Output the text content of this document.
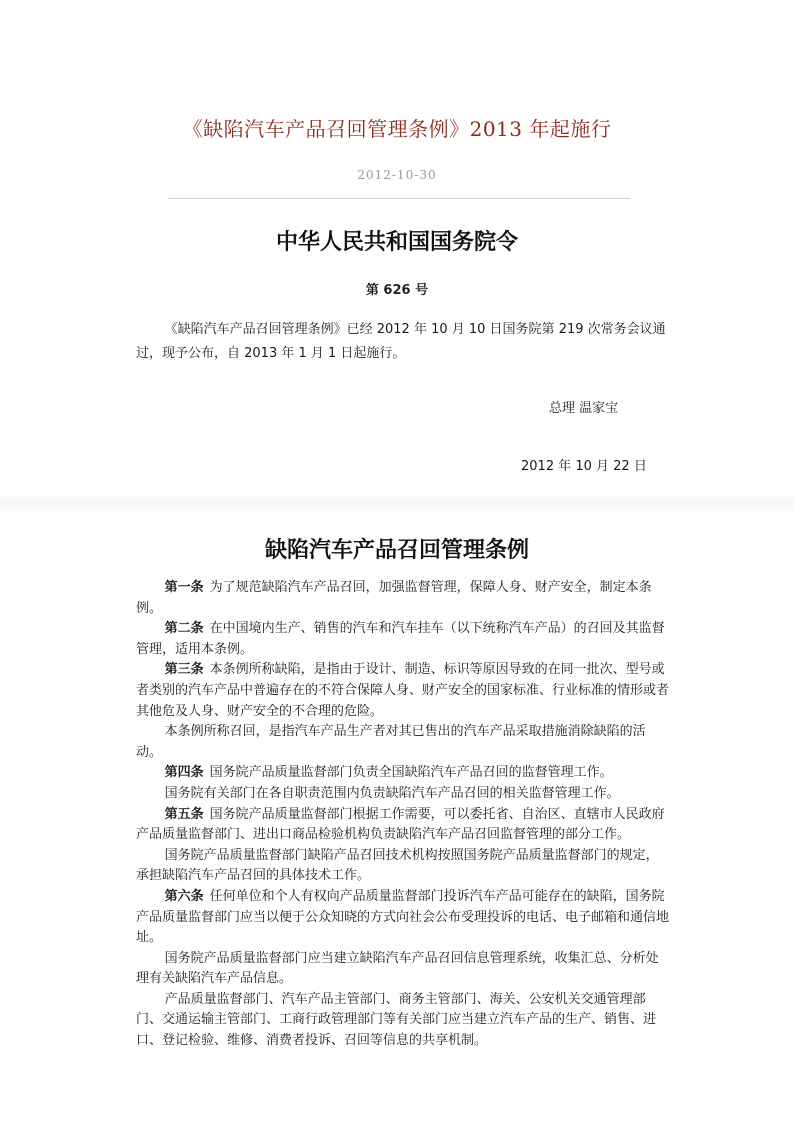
《缺陷汽车产品召回管理条例》2013 年起施行
2012-10-30
中华人民共和国国务院令
第 626 号
《缺陷汽车产品召回管理条例》已经 2012 年 10 月 10 日国务院第 219 次常务会议通过，现予公布，自 2013 年 1 月 1 日起施行。
总理 温家宝
2012 年 10 月 22 日
缺陷汽车产品召回管理条例

第一条 为了规范缺陷汽车产品召回，加强监督管理，保障人身、财产安全，制定本条例。

第二条 在中国境内生产、销售的汽车和汽车挂车（以下统称汽车产品）的召回及其监督管理，适用本条例。

第三条 本条例所称缺陷，是指由于设计、制造、标识等原因导致的在同一批次、型号或者类别的汽车产品中普遍存在的不符合保障人身、财产安全的国家标准、行业标准的情形或者其他危及人身、财产安全的不合理的危险。

本条例所称召回，是指汽车产品生产者对其已售出的汽车产品采取措施消除缺陷的活动。

第四条 国务院产品质量监督部门负责全国缺陷汽车产品召回的监督管理工作。

国务院有关部门在各自职责范围内负责缺陷汽车产品召回的相关监督管理工作。

第五条 国务院产品质量监督部门根据工作需要，可以委托省、自治区、直辖市人民政府产品质量监督部门、进出口商品检验机构负责缺陷汽车产品召回监督管理的部分工作。

国务院产品质量监督部门缺陷产品召回技术机构按照国务院产品质量监督部门的规定，承担缺陷汽车产品召回的具体技术工作。

第六条 任何单位和个人有权向产品质量监督部门投诉汽车产品可能存在的缺陷，国务院产品质量监督部门应当以便于公众知晓的方式向社会公布受理投诉的电话、电子邮箱和通信地址。

国务院产品质量监督部门应当建立缺陷汽车产品召回信息管理系统，收集汇总、分析处理有关缺陷汽车产品信息。

产品质量监督部门、汽车产品主管部门、商务主管部门、海关、公安机关交通管理部门、交通运输主管部门、工商行政管理部门等有关部门应当建立汽车产品的生产、销售、进口、登记检验、维修、消费者投诉、召回等信息的共享机制。
